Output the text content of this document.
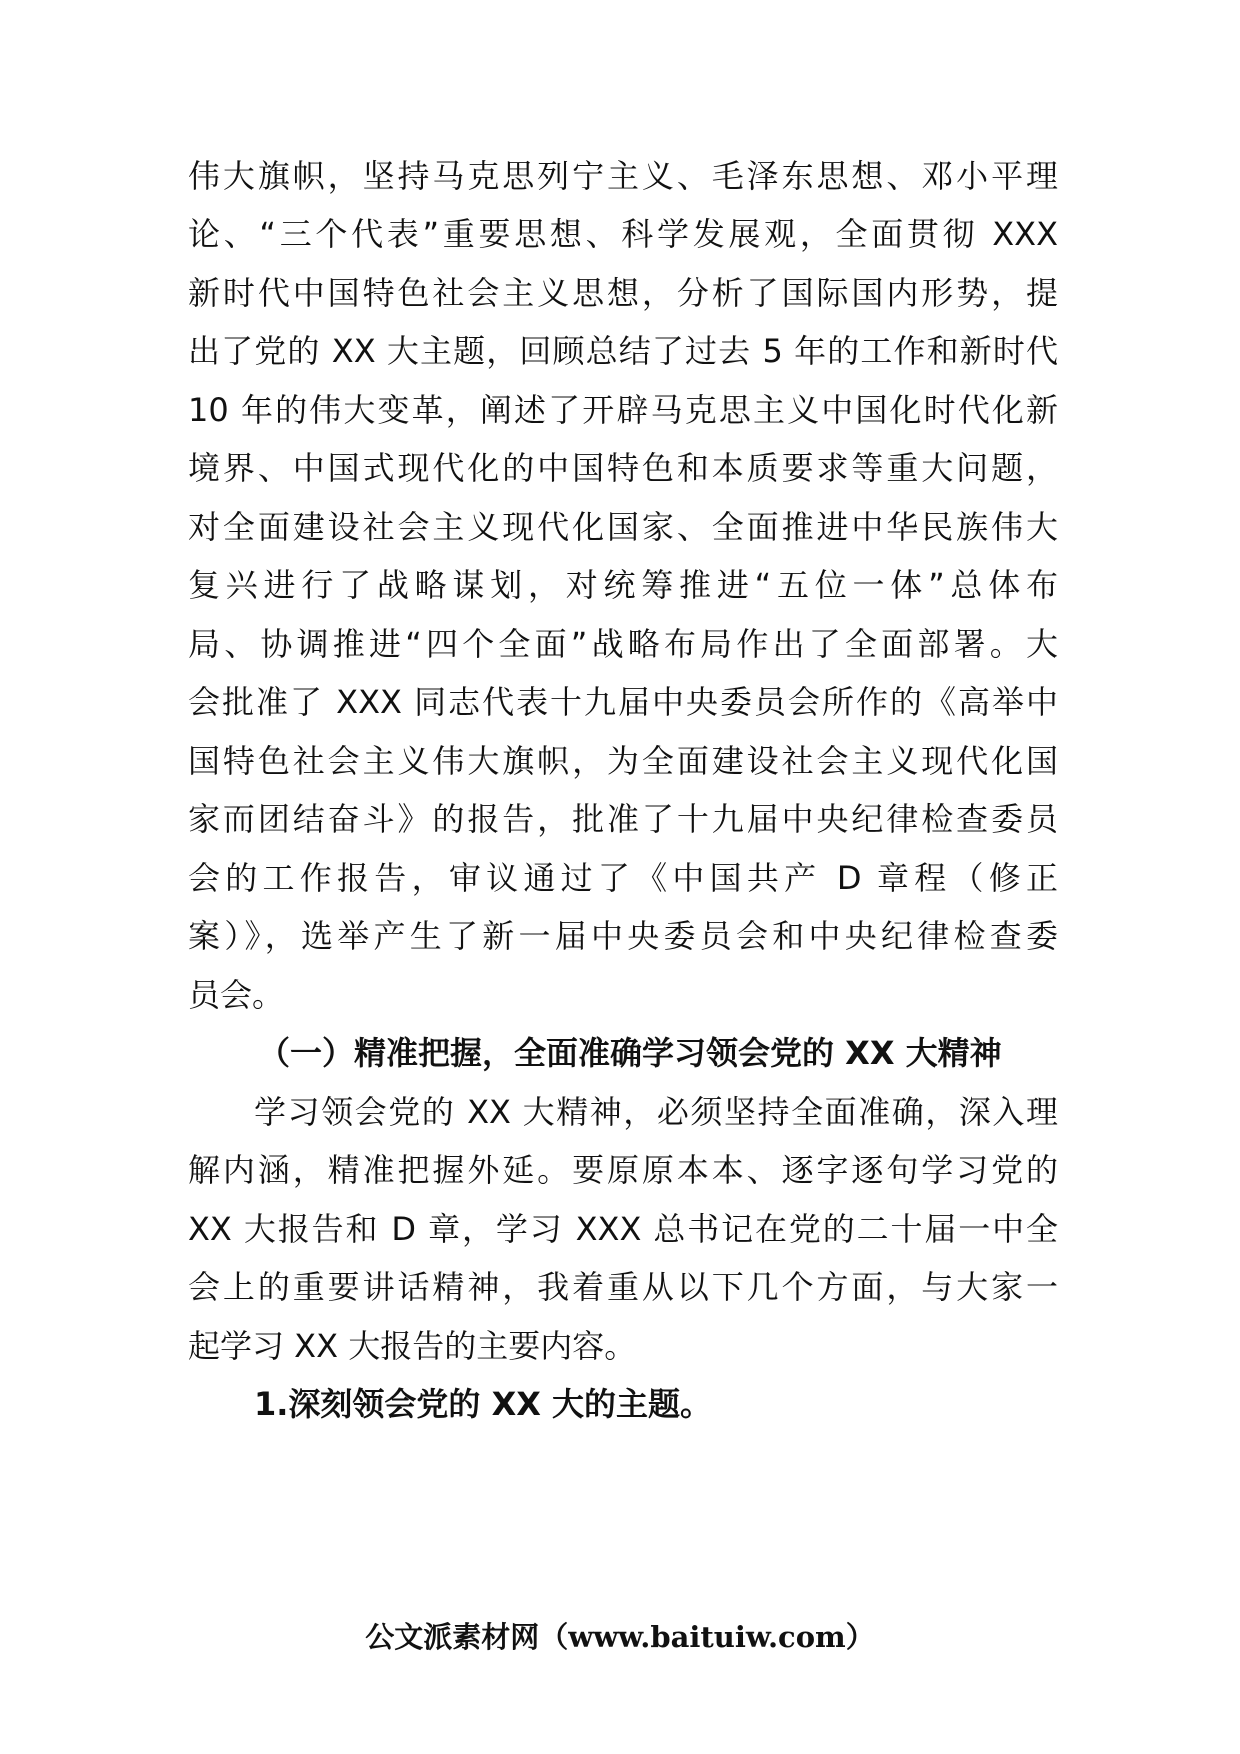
伟大旗帜，坚持马克思列宁主义、毛泽东思想、邓小平理
论、“三个代表”重要思想、科学发展观，全面贯彻 XXX
新时代中国特色社会主义思想，分析了国际国内形势，提
出了党的 XX 大主题，回顾总结了过去 5 年的工作和新时代
10 年的伟大变革，阐述了开辟马克思主义中国化时代化新
境界、中国式现代化的中国特色和本质要求等重大问题，
对全面建设社会主义现代化国家、全面推进中华民族伟大
复兴进行了战略谋划，对统筹推进“五位一体”总体布
局、协调推进“四个全面”战略布局作出了全面部署。大
会批准了 XXX 同志代表十九届中央委员会所作的《高举中
国特色社会主义伟大旗帜，为全面建设社会主义现代化国
家而团结奋斗》的报告，批准了十九届中央纪律检查委员
会的工作报告，审议通过了《中国共产 D 章程（修正
案）》，选举产生了新一届中央委员会和中央纪律检查委
员会。
（一）精准把握，全面准确学习领会党的 XX 大精神
学习领会党的 XX 大精神，必须坚持全面准确，深入理
解内涵，精准把握外延。要原原本本、逐字逐句学习党的
XX 大报告和 D 章，学习 XXX 总书记在党的二十届一中全
会上的重要讲话精神，我着重从以下几个方面，与大家一
起学习 XX 大报告的主要内容。
1.深刻领会党的 XX 大的主题。
公文派素材网（www.baituiw.com）
